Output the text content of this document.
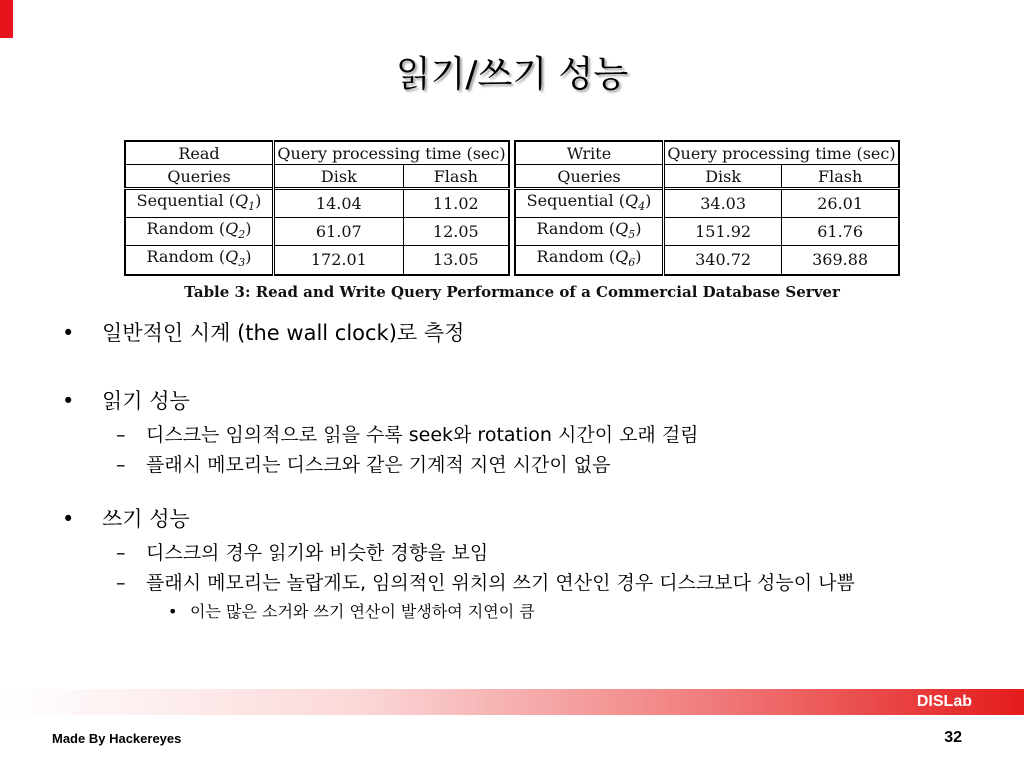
읽기/쓰기 성능
Read	Query processing time (sec)	
Queries	Disk	Flash
Sequential $(Q_1)$	14.04	11.02
Random $(Q_2)$	61.07	12.05
Random $(Q_3)$	172.01	13.05
Write	Query processing time (sec)	
Queries	Disk	Flash
Sequential $(Q_4)$	34.03	26.01
Random $(Q_5)$	151.92	61.76
Random $(Q_6)$	340.72	369.88
Table 3: Read and Write Query Performance of a Commercial Database Server
• 일반적인 시계 (the wall clock)로 측정
• 읽기 성능
– 디스크는 임의적으로 읽을 수록 seek와 rotation 시간이 오래 걸림
– 플래시 메모리는 디스크와 같은 기계적 지연 시간이 없음
• 쓰기 성능
– 디스크의 경우 읽기와 비슷한 경향을 보임
– 플래시 메모리는 놀랍게도, 임의적인 위치의 쓰기 연산인 경우 디스크보다 성능이 나쁨
• 이는 많은 소거와 쓰기 연산이 발생하여 지연이 큼
DISLab
Made By Hackereyes	32
